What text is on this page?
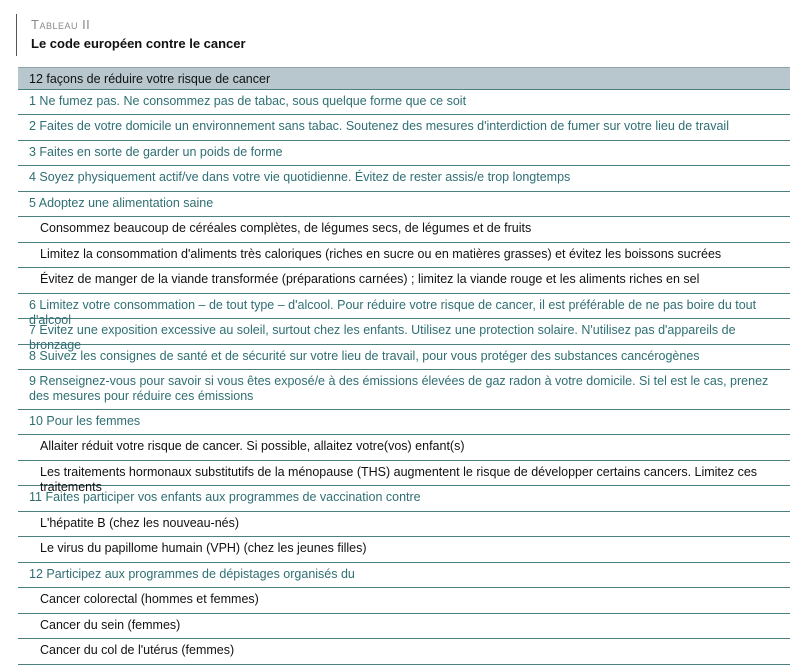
Tableau II
Le code européen contre le cancer
12 façons de réduire votre risque de cancer
1 Ne fumez pas. Ne consommez pas de tabac, sous quelque forme que ce soit
2 Faites de votre domicile un environnement sans tabac. Soutenez des mesures d'interdiction de fumer sur votre lieu de travail
3 Faites en sorte de garder un poids de forme
4 Soyez physiquement actif/ve dans votre vie quotidienne. Évitez de rester assis/e trop longtemps
5 Adoptez une alimentation saine
Consommez beaucoup de céréales complètes, de légumes secs, de légumes et de fruits
Limitez la consommation d'aliments très caloriques (riches en sucre ou en matières grasses) et évitez les boissons sucrées
Évitez de manger de la viande transformée (préparations carnées) ; limitez la viande rouge et les aliments riches en sel
6 Limitez votre consommation – de tout type – d'alcool. Pour réduire votre risque de cancer, il est préférable de ne pas boire du tout d'alcool
7 Évitez une exposition excessive au soleil, surtout chez les enfants. Utilisez une protection solaire. N'utilisez pas d'appareils de bronzage
8 Suivez les consignes de santé et de sécurité sur votre lieu de travail, pour vous protéger des substances cancérogènes
9 Renseignez-vous pour savoir si vous êtes exposé/e à des émissions élevées de gaz radon à votre domicile. Si tel est le cas, prenez des mesures pour réduire ces émissions
10 Pour les femmes
Allaiter réduit votre risque de cancer. Si possible, allaitez votre(vos) enfant(s)
Les traitements hormonaux substitutifs de la ménopause (THS) augmentent le risque de développer certains cancers. Limitez ces traitements
11 Faites participer vos enfants aux programmes de vaccination contre
L'hépatite B (chez les nouveau-nés)
Le virus du papillome humain (VPH) (chez les jeunes filles)
12 Participez aux programmes de dépistages organisés du
Cancer colorectal (hommes et femmes)
Cancer du sein (femmes)
Cancer du col de l'utérus (femmes)
